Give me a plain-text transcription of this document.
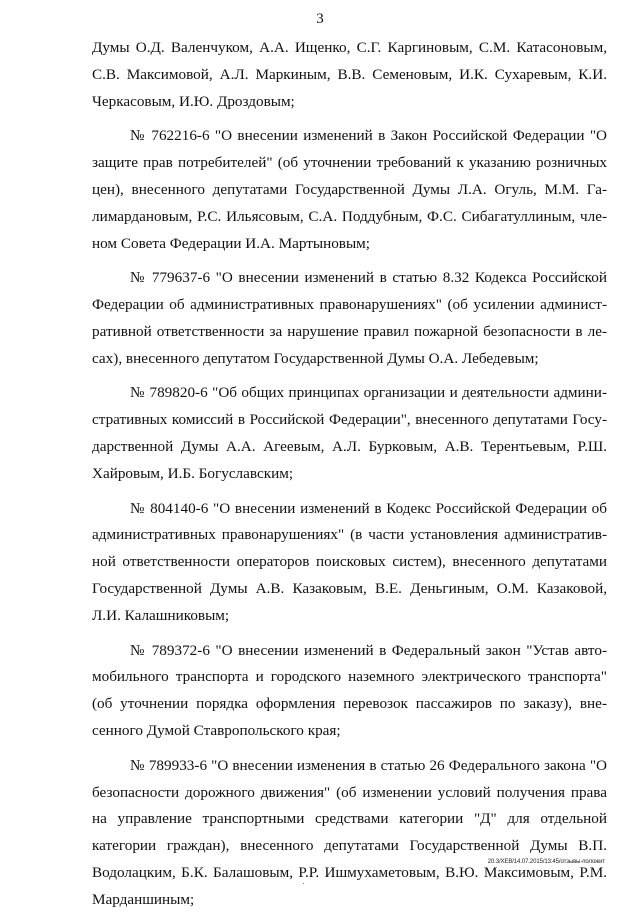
3

Думы О.Д. Валенчуком, А.А. Ищенко, С.Г. Каргиновым, С.М. Катасоновым, С.В. Максимовой, А.Л. Маркиным, В.В. Семеновым, И.К. Сухаревым, К.И. Черкасовым, И.Ю. Дроздовым;

№ 762216-6 "О внесении изменений в Закон Российской Федерации "О защите прав потребителей" (об уточнении требований к указанию розничных цен), внесенного депутатами Государственной Думы Л.А. Огуль, М.М. Галимардановым, Р.С. Ильясовым, С.А. Поддубным, Ф.С. Сибагатуллиным, членом Совета Федерации И.А. Мартыновым;

№ 779637-6 "О внесении изменений в статью 8.32 Кодекса Российской Федерации об административных правонарушениях" (об усилении административной ответственности за нарушение правил пожарной безопасности в лесах), внесенного депутатом Государственной Думы О.А. Лебедевым;

№ 789820-6 "Об общих принципах организации и деятельности административных комиссий в Российской Федерации", внесенного депутатами Государственной Думы А.А. Агеевым, А.Л. Бурковым, А.В. Терентьевым, Р.Ш. Хайровым, И.Б. Богуславским;

№ 804140-6 "О внесении изменений в Кодекс Российской Федерации об административных правонарушениях" (в части установления административной ответственности операторов поисковых систем), внесенного депутатами Государственной Думы А.В. Казаковым, В.Е. Деньгиным, О.М. Казаковой, Л.И. Калашниковым;

№ 789372-6 "О внесении изменений в Федеральный закон "Устав автомобильного транспорта и городского наземного электрического транспорта" (об уточнении порядка оформления перевозок пассажиров по заказу), внесенного Думой Ставропольского края;

№ 789933-6 "О внесении изменения в статью 26 Федерального закона "О безопасности дорожного движения" (об изменении условий получения права на управление транспортными средствами категории "Д" для отдельной категории граждан), внесенного депутатами Государственной Думы В.П. Водолацким, Б.К. Балашовым, Р.Р. Ишмухаметовым, В.Ю. Максимовым, Р.М. Марданшиным;

20.3/ХЕВ/14.07.2015/13:45/отзывы-положит
